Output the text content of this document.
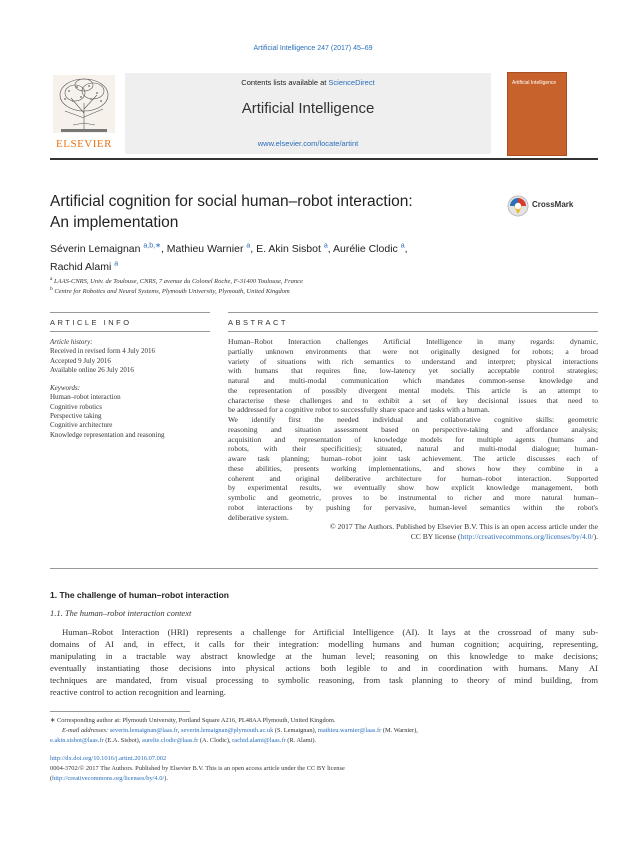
Artificial Intelligence 247 (2017) 45–69
Contents lists available at ScienceDirect
Artificial Intelligence
www.elsevier.com/locate/artint
ELSEVIER
Artificial Intelligence
Artificial cognition for social human–robot interaction:
An implementation
CrossMark
Séverin Lemaignan $^{a,b,∗}$, Mathieu Warnier $^a$, E. Akin Sisbot $^a$, Aurélie Clodic $^a$,
Rachid Alami $^a$
$^a$ LAAS-CNRS, Univ. de Toulouse, CNRS, 7 avenue du Colonel Roche, F-31400 Toulouse, France
$^b$ Centre for Robotics and Neural Systems, Plymouth University, Plymouth, United Kingdom
ARTICLE INFO
Article history:
Received in revised form 4 July 2016
Accepted 9 July 2016
Available online 26 July 2016
Keywords:
Human–robot interaction
Cognitive robotics
Perspective taking
Cognitive architecture
Knowledge representation and reasoning
ABSTRACT
Human–Robot Interaction challenges Artificial Intelligence in many regards: dynamic,
partially unknown environments that were not originally designed for robots; a broad
variety of situations with rich semantics to understand and interpret; physical interactions
with humans that requires fine, low-latency yet socially acceptable control strategies;
natural and multi-modal communication which mandates common-sense knowledge and
the representation of possibly divergent mental models. This article is an attempt to
characterise these challenges and to exhibit a set of key decisional issues that need to
be addressed for a cognitive robot to successfully share space and tasks with a human.
We identify first the needed individual and collaborative cognitive skills: geometric
reasoning and situation assessment based on perspective-taking and affordance analysis;
acquisition and representation of knowledge models for multiple agents (humans and
robots, with their specificities); situated, natural and multi-modal dialogue; human-
aware task planning; human–robot joint task achievement. The article discusses each of
these abilities, presents working implementations, and shows how they combine in a
coherent and original deliberative architecture for human–robot interaction. Supported
by experimental results, we eventually show how explicit knowledge management, both
symbolic and geometric, proves to be instrumental to richer and more natural human–
robot interactions by pushing for pervasive, human-level semantics within the robot's
deliberative system.
© 2017 The Authors. Published by Elsevier B.V. This is an open access article under the
CC BY license (http://creativecommons.org/licenses/by/4.0/).
1. The challenge of human–robot interaction
1.1. The human–robot interaction context
Human–Robot Interaction (HRI) represents a challenge for Artificial Intelligence (AI). It lays at the crossroad of many sub-
domains of AI and, in effect, it calls for their integration: modelling humans and human cognition; acquiring, representing,
manipulating in a tractable way abstract knowledge at the human level; reasoning on this knowledge to make decisions;
eventually instantiating those decisions into physical actions both legible to and in coordination with humans. Many AI
techniques are mandated, from visual processing to symbolic reasoning, from task planning to theory of mind building, from
reactive control to action recognition and learning.
∗ Corresponding author at: Plymouth University, Portland Square A216, PL48AA Plymouth, United Kingdom.
E-mail addresses: severin.lemaignan@laas.fr, severin.lemaignan@plymouth.ac.uk (S. Lemaignan), mathieu.warnier@laas.fr (M. Warnier),
e.akin.sisbot@laas.fr (E.A. Sisbot), aurelie.clodic@laas.fr (A. Clodic), rachid.alami@laas.fr (R. Alami).
http://dx.doi.org/10.1016/j.artint.2016.07.002
0004-3702/© 2017 The Authors. Published by Elsevier B.V. This is an open access article under the CC BY license
(http://creativecommons.org/licenses/by/4.0/).
